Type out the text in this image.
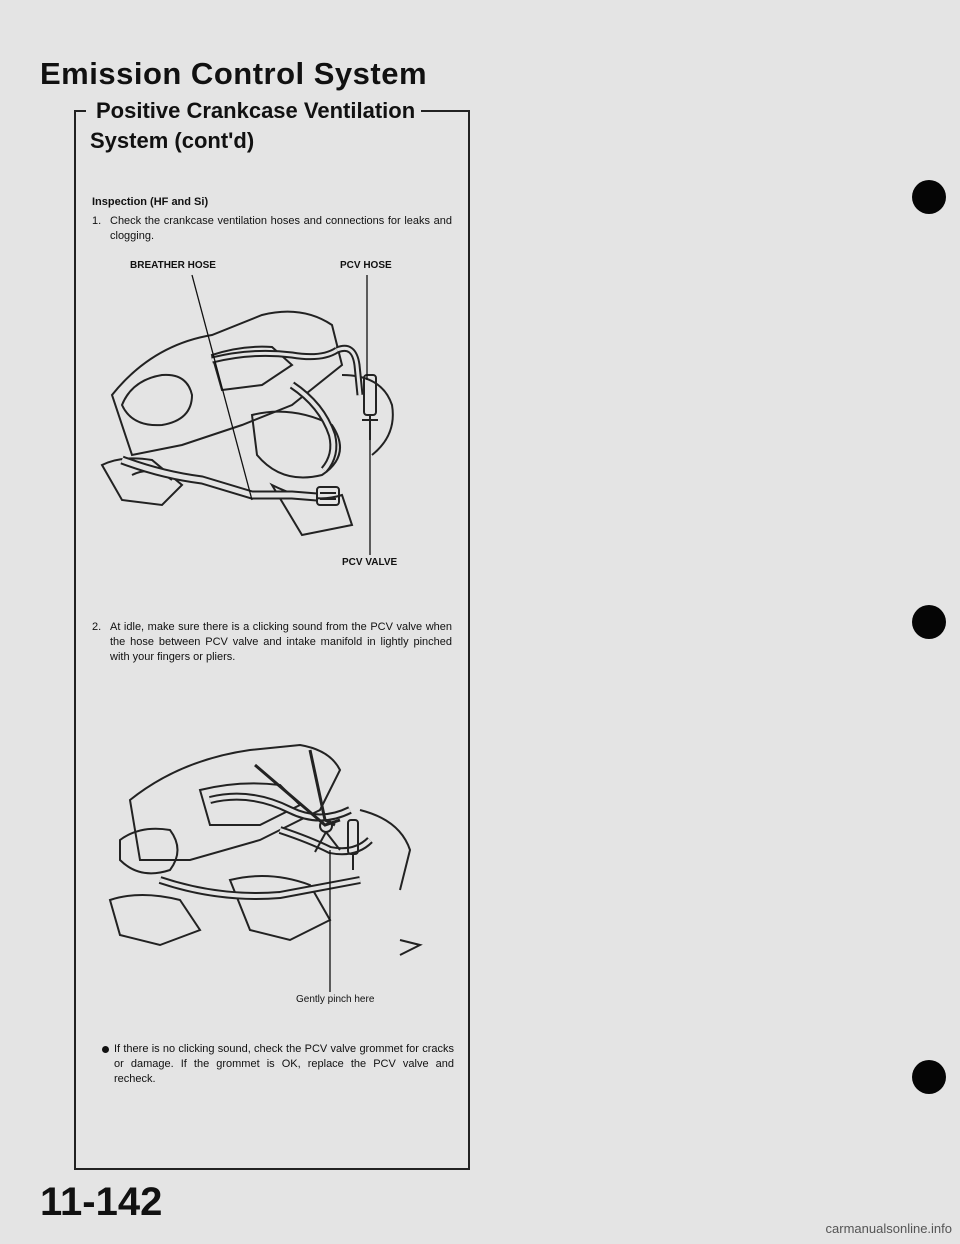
Emission Control System
Positive Crankcase Ventilation
System (cont'd)
Inspection (HF and Si)
1. Check the crankcase ventilation hoses and connections for leaks and clogging.
BREATHER HOSE	PCV HOSE
PCV VALVE
2. At idle, make sure there is a clicking sound from the PCV valve when the hose between PCV valve and intake manifold in lightly pinched with your fingers or pliers.
Gently pinch here
If there is no clicking sound, check the PCV valve grommet for cracks or damage. If the grommet is OK, replace the PCV valve and recheck.
11-142
carmanualsonline.info
